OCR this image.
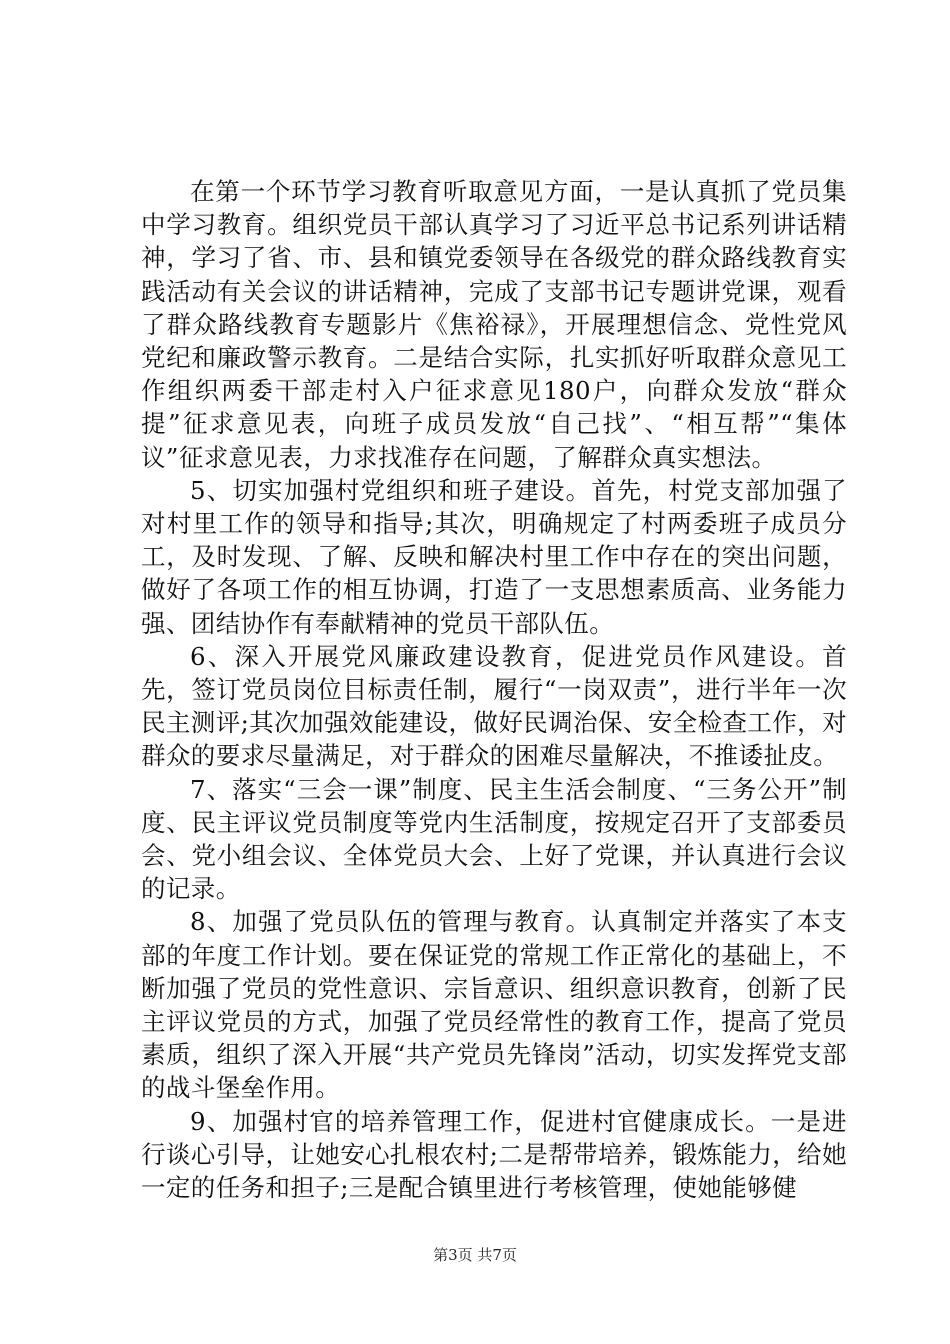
在第一个环节学习教育听取意见方面，一是认真抓了党员集中学习教育。组织党员干部认真学习了习近平总书记系列讲话精神，学习了省、市、县和镇党委领导在各级党的群众路线教育实践活动有关会议的讲话精神，完成了支部书记专题讲党课，观看了群众路线教育专题影片《焦裕禄》，开展理想信念、党性党风党纪和廉政警示教育。二是结合实际，扎实抓好听取群众意见工作组织两委干部走村入户征求意见180户，向群众发放“群众提”征求意见表，向班子成员发放“自己找”、“相互帮”“集体议”征求意见表，力求找准存在问题，了解群众真实想法。

5、切实加强村党组织和班子建设。首先，村党支部加强了对村里工作的领导和指导;其次，明确规定了村两委班子成员分工，及时发现、了解、反映和解决村里工作中存在的突出问题，做好了各项工作的相互协调，打造了一支思想素质高、业务能力强、团结协作有奉献精神的党员干部队伍。

6、深入开展党风廉政建设教育，促进党员作风建设。首先，签订党员岗位目标责任制，履行“一岗双责”，进行半年一次民主测评;其次加强效能建设，做好民调治保、安全检查工作，对群众的要求尽量满足，对于群众的困难尽量解决，不推诿扯皮。

7、落实“三会一课”制度、民主生活会制度、“三务公开”制度、民主评议党员制度等党内生活制度，按规定召开了支部委员会、党小组会议、全体党员大会、上好了党课，并认真进行会议的记录。

8、加强了党员队伍的管理与教育。认真制定并落实了本支部的年度工作计划。要在保证党的常规工作正常化的基础上，不断加强了党员的党性意识、宗旨意识、组织意识教育，创新了民主评议党员的方式，加强了党员经常性的教育工作，提高了党员素质，组织了深入开展“共产党员先锋岗”活动，切实发挥党支部的战斗堡垒作用。

9、加强村官的培养管理工作，促进村官健康成长。一是进行谈心引导，让她安心扎根农村;二是帮带培养，锻炼能力，给她一定的任务和担子;三是配合镇里进行考核管理，使她能够健

第3页 共7页
